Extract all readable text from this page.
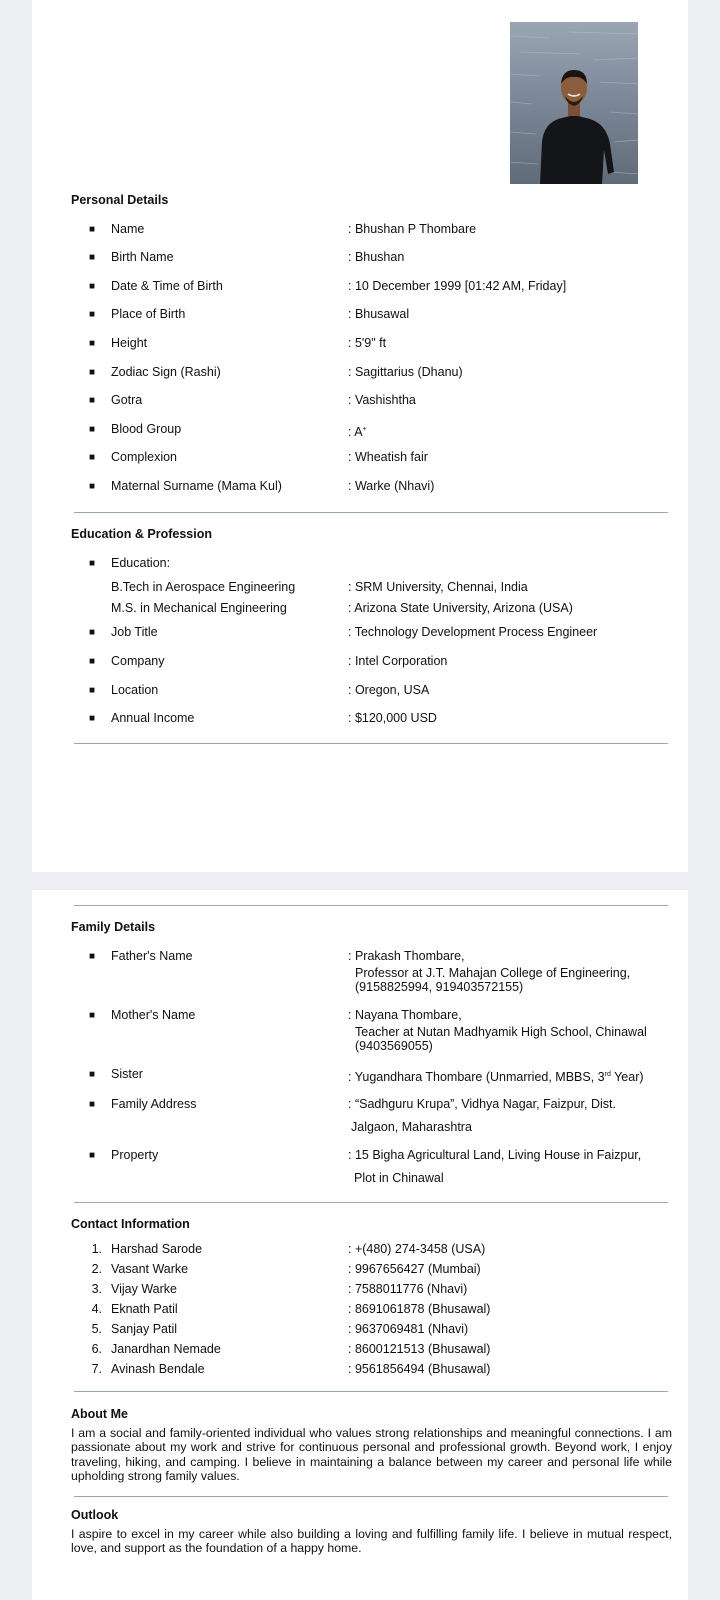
Personal Details
■ Name	: Bhushan P Thombare
■ Birth Name	: Bhushan
■ Date & Time of Birth	: 10 December 1999 [01:42 AM, Friday]
■ Place of Birth	: Bhusawal
■ Height	: 5'9" ft
■ Zodiac Sign (Rashi)	: Sagittarius (Dhanu)
■ Gotra	: Vashishtha
■ Blood Group	: A+
■ Complexion	: Wheatish fair
■ Maternal Surname (Mama Kul)	: Warke (Nhavi)
Education & Profession
■ Education:
B.Tech in Aerospace Engineering	: SRM University, Chennai, India
M.S. in Mechanical Engineering	: Arizona State University, Arizona (USA)
■ Job Title	: Technology Development Process Engineer
■ Company	: Intel Corporation
■ Location	: Oregon, USA
■ Annual Income	: $120,000 USD
Family Details
■ Father's Name	: Prakash Thombare,
Professor at J.T. Mahajan College of Engineering,
(9158825994, 919403572155)
■ Mother's Name	: Nayana Thombare,
Teacher at Nutan Madhyamik High School, Chinawal
(9403569055)
■ Sister	: Yugandhara Thombare (Unmarried, MBBS, 3rd Year)
■ Family Address	: “Sadhguru Krupa”, Vidhya Nagar, Faizpur, Dist.
Jalgaon, Maharashtra
■ Property	: 15 Bigha Agricultural Land, Living House in Faizpur,
Plot in Chinawal
Contact Information
1. Harshad Sarode	: +(480) 274-3458 (USA)
2. Vasant Warke	: 9967656427 (Mumbai)
3. Vijay Warke	: 7588011776 (Nhavi)
4. Eknath Patil	: 8691061878 (Bhusawal)
5. Sanjay Patil	: 9637069481 (Nhavi)
6. Janardhan Nemade	: 8600121513 (Bhusawal)
7. Avinash Bendale	: 9561856494 (Bhusawal)
About Me
I am a social and family-oriented individual who values strong relationships and meaningful connections. I am passionate about my work and strive for continuous personal and professional growth. Beyond work, I enjoy traveling, hiking, and camping. I believe in maintaining a balance between my career and personal life while upholding strong family values.
Outlook
I aspire to excel in my career while also building a loving and fulfilling family life. I believe in mutual respect, love, and support as the foundation of a happy home.
